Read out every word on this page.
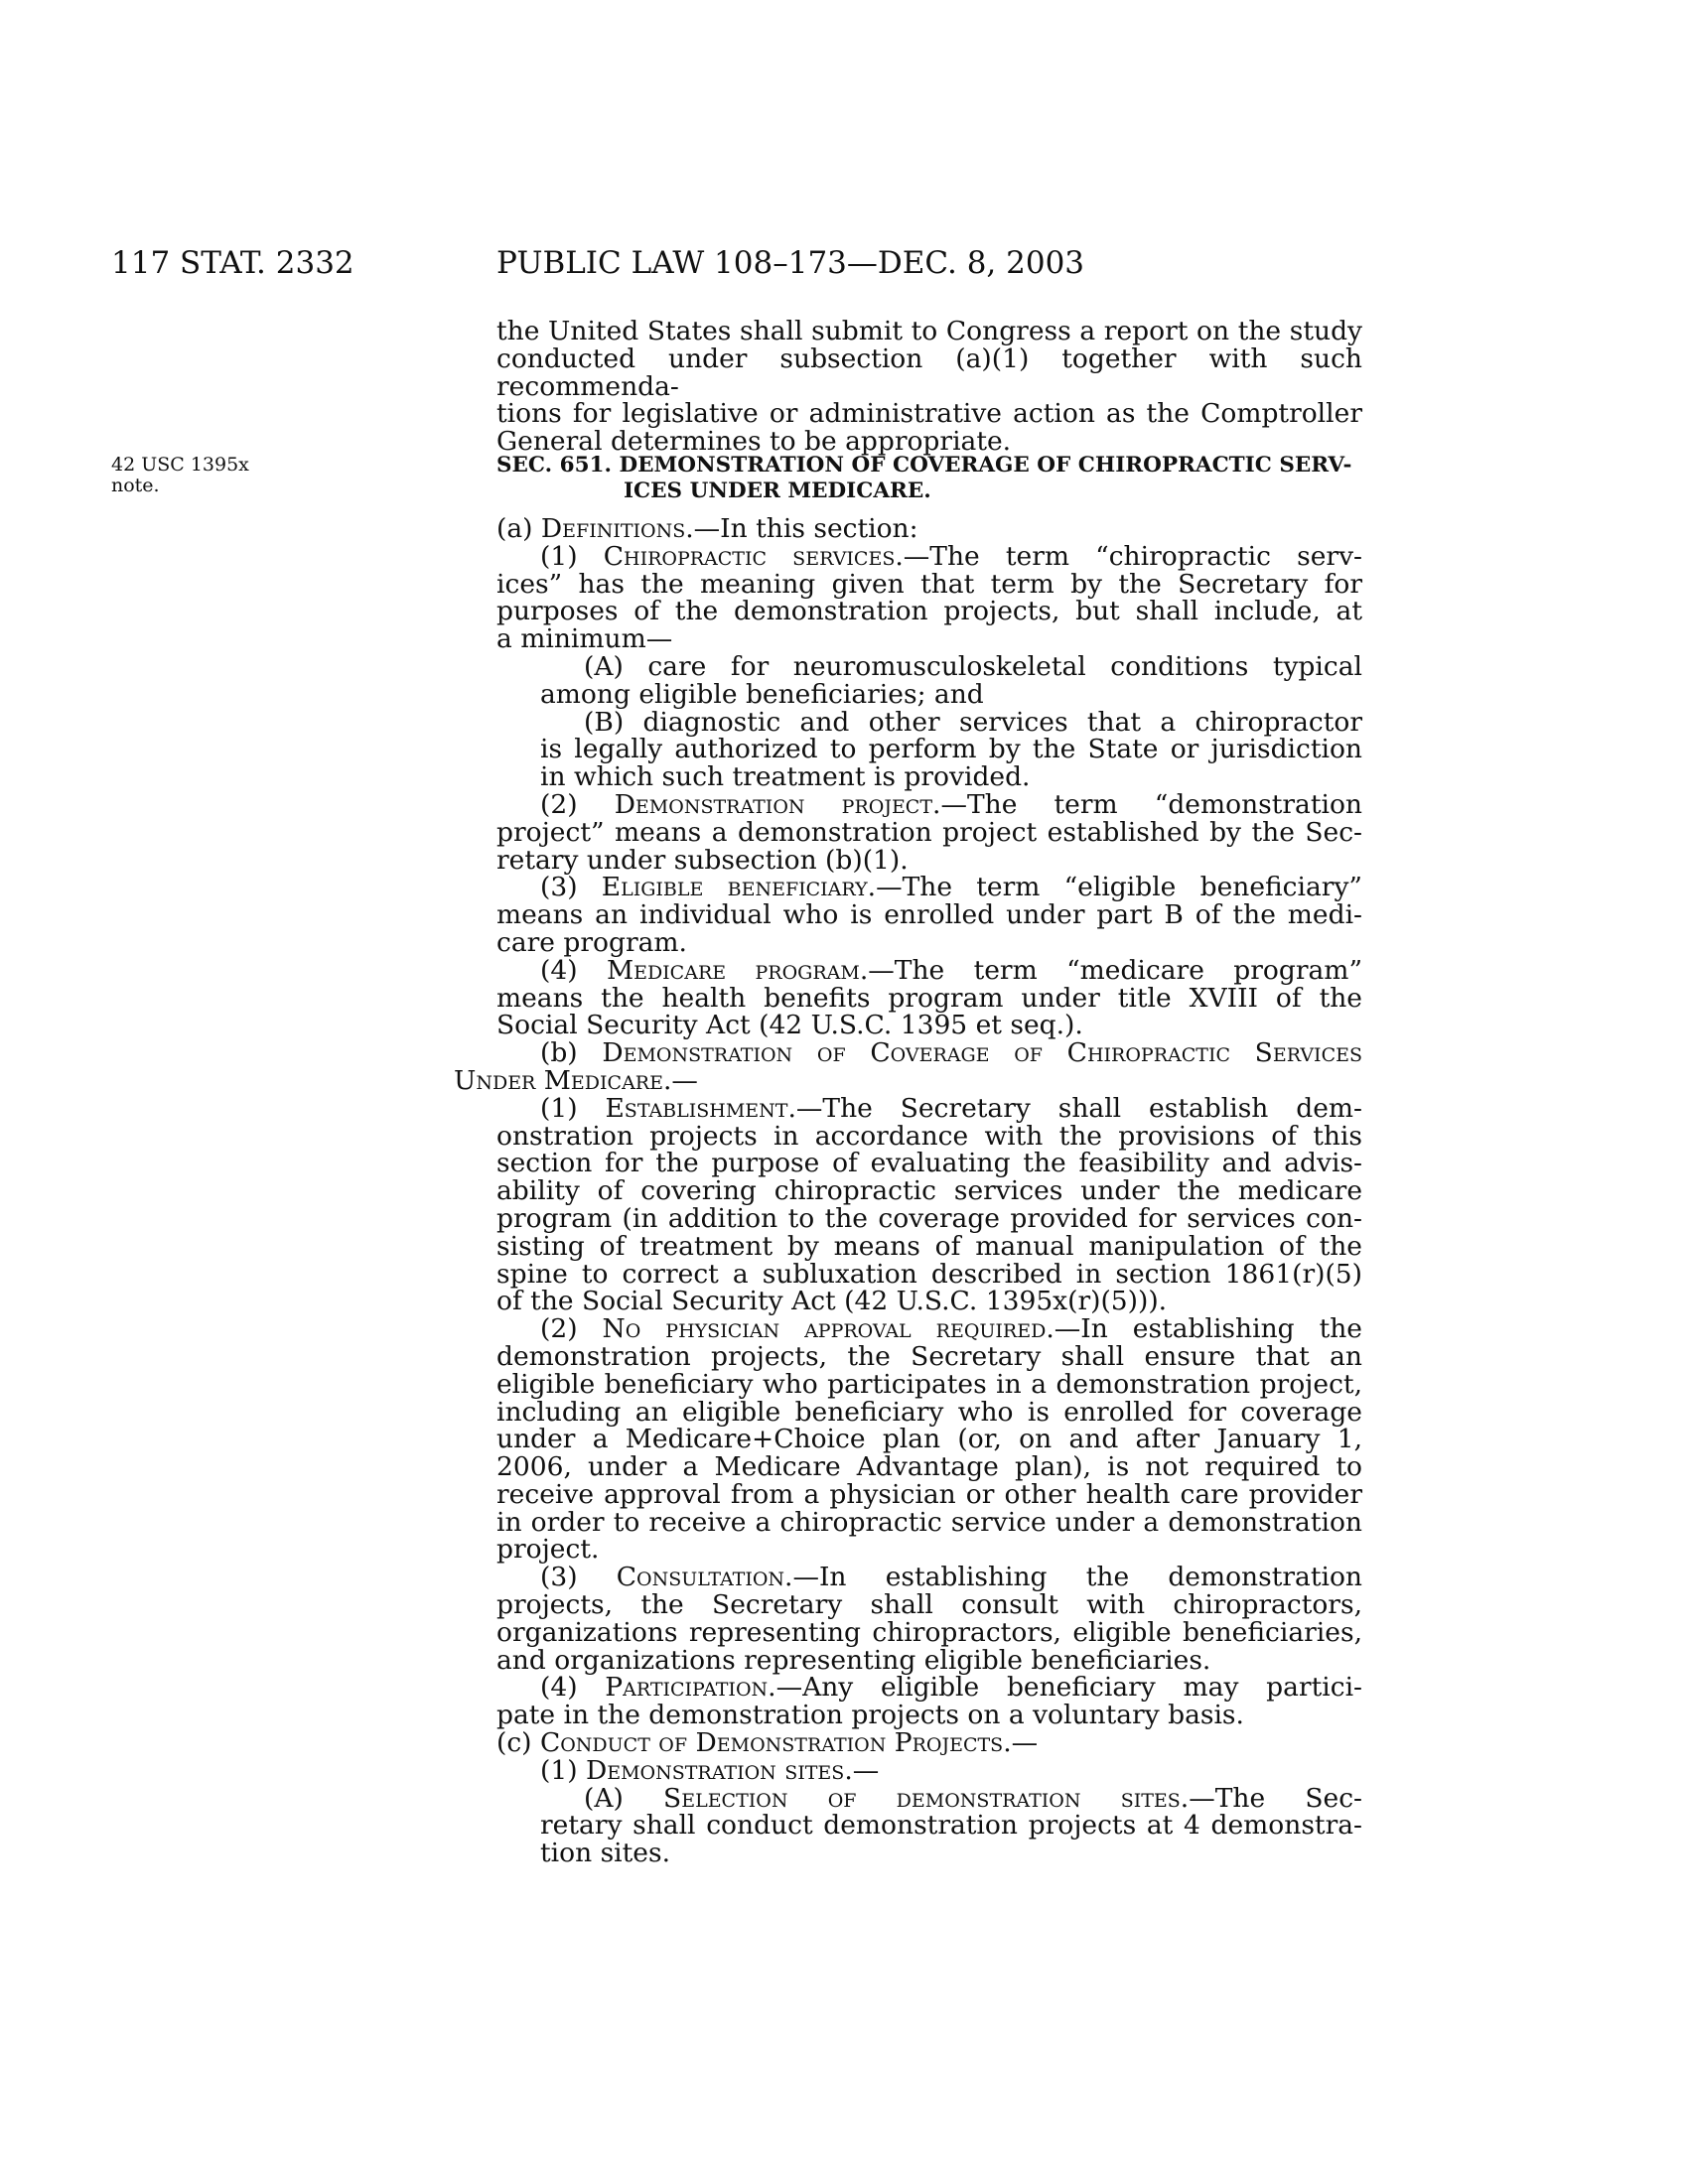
117 STAT. 2332	PUBLIC LAW 108–173—DEC. 8, 2003

the United States shall submit to Congress a report on the study

conducted under subsection (a)(1) together with such recommenda-

tions for legislative or administrative action as the Comptroller

General determines to be appropriate.

42 USC 1395x
note.
SEC. 651. DEMONSTRATION OF COVERAGE OF CHIROPRACTIC SERV-
ICES UNDER MEDICARE.

(a) Definitions.—In this section:

(1) Chiropractic services.—The term “chiropractic serv-

ices” has the meaning given that term by the Secretary for

purposes of the demonstration projects, but shall include, at

a minimum—

(A) care for neuromusculoskeletal conditions typical

among eligible beneficiaries; and

(B) diagnostic and other services that a chiropractor

is legally authorized to perform by the State or jurisdiction

in which such treatment is provided.

(2) Demonstration project.—The term “demonstration

project” means a demonstration project established by the Sec-

retary under subsection (b)(1).

(3) Eligible beneficiary.—The term “eligible beneficiary”

means an individual who is enrolled under part B of the medi-

care program.

(4) Medicare program.—The term “medicare program”

means the health benefits program under title XVIII of the

Social Security Act (42 U.S.C. 1395 et seq.).

(b) Demonstration of Coverage of Chiropractic Services

Under Medicare.—

(1) Establishment.—The Secretary shall establish dem-

onstration projects in accordance with the provisions of this

section for the purpose of evaluating the feasibility and advis-

ability of covering chiropractic services under the medicare

program (in addition to the coverage provided for services con-

sisting of treatment by means of manual manipulation of the

spine to correct a subluxation described in section 1861(r)(5)

of the Social Security Act (42 U.S.C. 1395x(r)(5))).

(2) No physician approval required.—In establishing the

demonstration projects, the Secretary shall ensure that an

eligible beneficiary who participates in a demonstration project,

including an eligible beneficiary who is enrolled for coverage

under a Medicare+Choice plan (or, on and after January 1,

2006, under a Medicare Advantage plan), is not required to

receive approval from a physician or other health care provider

in order to receive a chiropractic service under a demonstration

project.

(3) Consultation.—In establishing the demonstration

projects, the Secretary shall consult with chiropractors,

organizations representing chiropractors, eligible beneficiaries,

and organizations representing eligible beneficiaries.

(4) Participation.—Any eligible beneficiary may partici-

pate in the demonstration projects on a voluntary basis.

(c) Conduct of Demonstration Projects.—

(1) Demonstration sites.—

(A) Selection of demonstration sites.—The Sec-

retary shall conduct demonstration projects at 4 demonstra-

tion sites.
